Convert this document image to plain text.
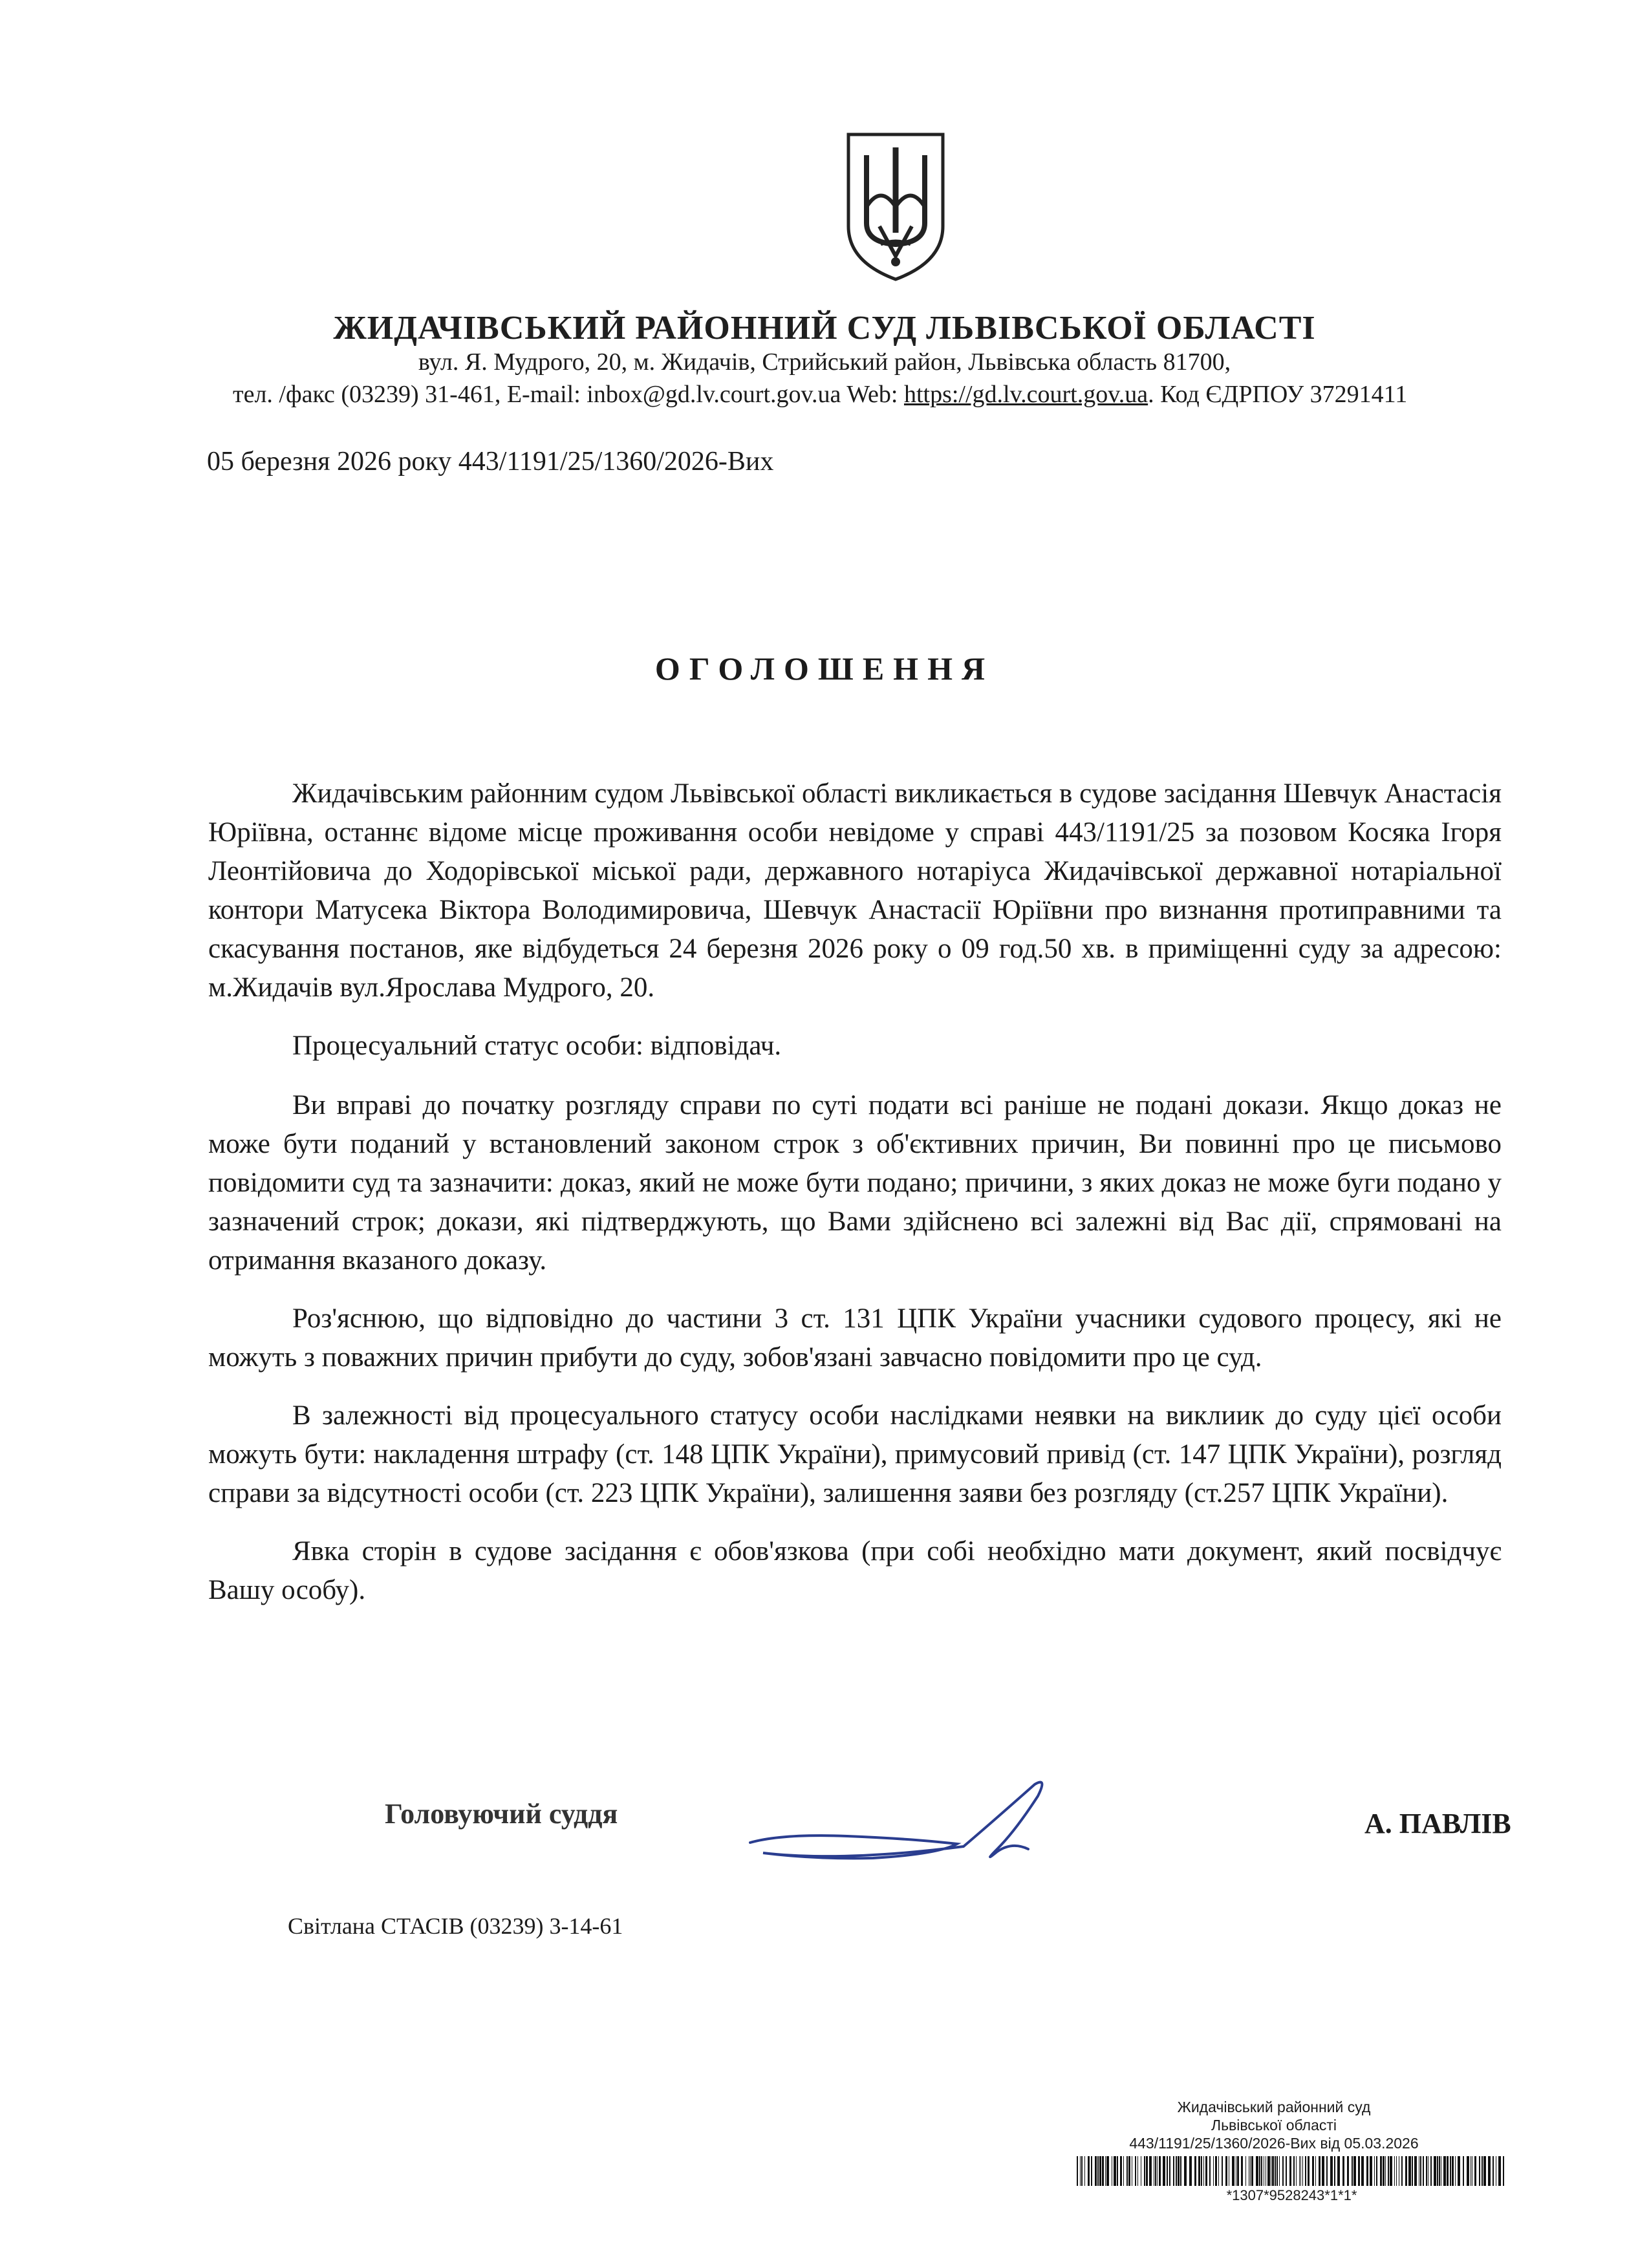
ЖИДАЧІВСЬКИЙ РАЙОННИЙ СУД ЛЬВІВСЬКОЇ ОБЛАСТІ
вул. Я. Мудрого, 20, м. Жидачів, Стрийський район, Львівська область 81700,
тел. /факс (03239) 31-461, E-mail: inbox@gd.lv.court.gov.ua Web: https://gd.lv.court.gov.ua. Код ЄДРПОУ 37291411
05 березня 2026 року 443/1191/25/1360/2026-Вих
ОГОЛОШЕННЯ

Жидачівським районним судом Львівської області викликається в судове засідання Шевчук Анастасія Юріївна, останнє відоме місце проживання особи невідоме у справі 443/1191/25 за позовом Косяка Ігоря Леонтійовича до Ходорівської міської ради, державного нотаріуса Жидачівської державної нотаріальної контори Матусека Віктора Володимировича, Шевчук Анастасії Юріївни про визнання протиправними та скасування постанов, яке відбудеться 24 березня 2026 року о 09 год.50 хв. в приміщенні суду за адресою: м.Жидачів вул.Ярослава Мудрого, 20.

Процесуальний статус особи: відповідач.

Ви вправі до початку розгляду справи по суті подати всі раніше не подані докази. Якщо доказ не може бути поданий у встановлений законом строк з об'єктивних причин, Ви повинні про це письмово повідомити суд та зазначити: доказ, який не може бути подано; причини, з яких доказ не може буги подано у зазначений строк; докази, які підтверджують, що Вами здійснено всі залежні від Вас дії, спрямовані на отримання вказаного доказу.

Роз'яснюю, що відповідно до частини 3 ст. 131 ЦПК України учасники судового процесу, які не можуть з поважних причин прибути до суду, зобов'язані завчасно повідомити про це суд.

В залежності від процесуального статусу особи наслідками неявки на виклиик до суду цієї особи можуть бути: накладення штрафу (ст. 148 ЦПК України), примусовий привід (ст. 147 ЦПК України), розгляд справи за відсутності особи (ст. 223 ЦПК України), залишення заяви без розгляду (ст.257 ЦПК України).

Явка сторін в судове засідання є обов'язкова (при собі необхідно мати документ, який посвідчує Вашу особу).

Головуючий суддя	А. ПАВЛІВ
Світлана СТАСІВ (03239) 3-14-61
Жидачівський районний суд
Львівської області
443/1191/25/1360/2026-Вих від 05.03.2026
*1307*9528243*1*1*
